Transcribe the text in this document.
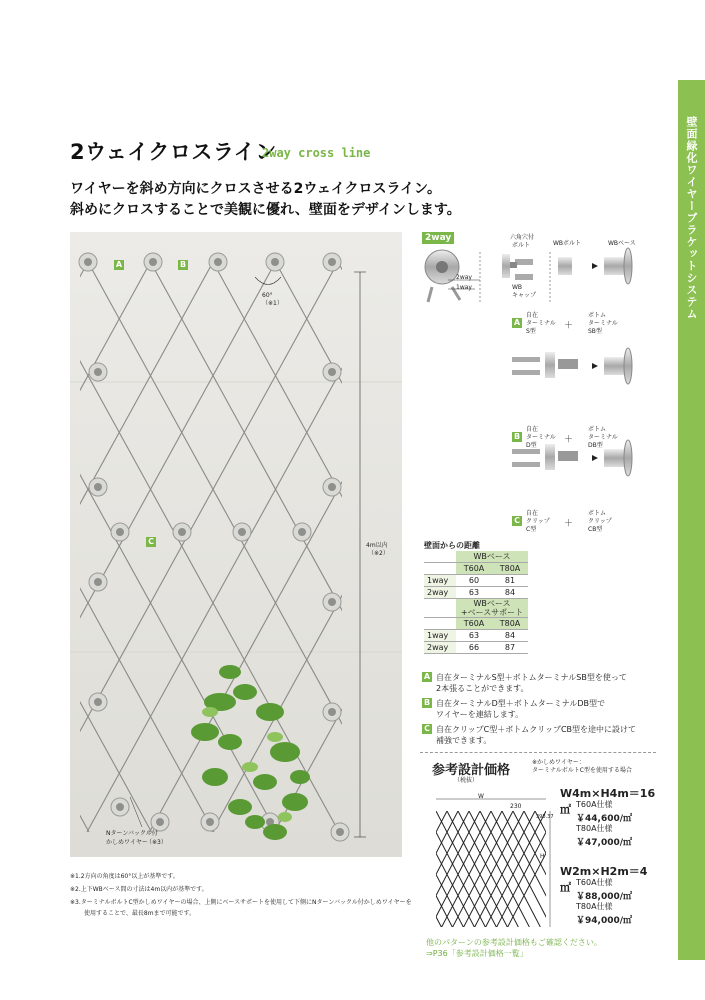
壁面緑化ワイヤーブラケットシステム
2ウェイクロスライン
2way cross line
ワイヤーを斜め方向にクロスさせる2ウェイクロスライン。
斜めにクロスすることで美観に優れ、壁面をデザインします。
A	B
C
60°
（※1）
4m以内
（※2）
Nターンバックル付
かしめワイヤー
（※3）
2way	六角穴付
ボルト	WBボルト	WBベース
WB
キャップ
2way
1way
A
自在
ターミナル
S型
＋
ボトム
ターミナル
SB型
B
自在
ターミナル
D型
＋
ボトム
ターミナル
DB型
C
自在
クリップ
C型
＋
ボトム
クリップ
CB型
壁面からの距離
	WBベース	
	T60A	T80A
1way	60	81
2way	63	84
	WBベース
+ベースサポート	
	T60A	T80A
1way	63	84
2way	66	87
A 自在ターミナルS型＋ボトムターミナルSB型を使って
2本張ることができます。
B 自在ターミナルD型＋ボトムターミナルDB型で
ワイヤーを連結します。
C 自在クリップC型＋ボトムクリップCB型を途中に設けて
補強できます。
参考設計価格
（税抜）
※かしめワイヤー：
ターミナルボルトC型を使用する場合
W
H
230
398.37
W4m×H4m＝16㎡ T60A仕様
￥44,600/㎡
T80A仕様
￥47,000/㎡
W2m×H2m＝4㎡ T60A仕様
￥88,000/㎡
T80A仕様
￥94,000/㎡
他のパターンの参考設計価格もご確認ください。
⇒P36「参考設計価格一覧」
※1.2方向の角度は60°以上が基準です。
※2.上下WBベース間の寸法は4m以内が基準です。
※3.ターミナルボルトC型かしめワイヤーの場合、上側にベースサポートを使用して下側にNターンバックル付かしめワイヤーを
使用することで、最長8mまで可能です。
